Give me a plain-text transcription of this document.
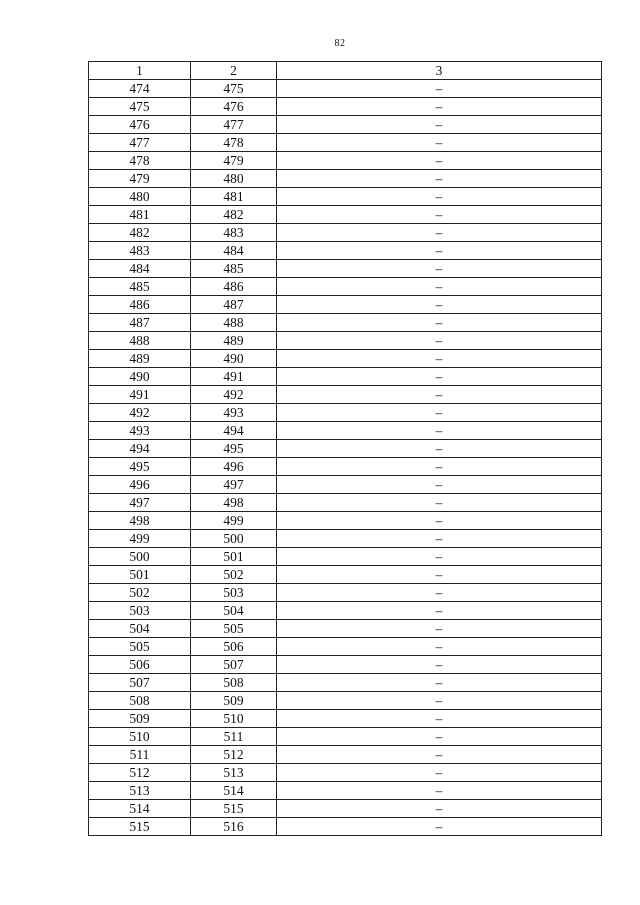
82
1	2	3
474	475	–
475	476	–
476	477	–
477	478	–
478	479	–
479	480	–
480	481	–
481	482	–
482	483	–
483	484	–
484	485	–
485	486	–
486	487	–
487	488	–
488	489	–
489	490	–
490	491	–
491	492	–
492	493	–
493	494	–
494	495	–
495	496	–
496	497	–
497	498	–
498	499	–
499	500	–
500	501	–
501	502	–
502	503	–
503	504	–
504	505	–
505	506	–
506	507	–
507	508	–
508	509	–
509	510	–
510	511	–
511	512	–
512	513	–
513	514	–
514	515	–
515	516	–
